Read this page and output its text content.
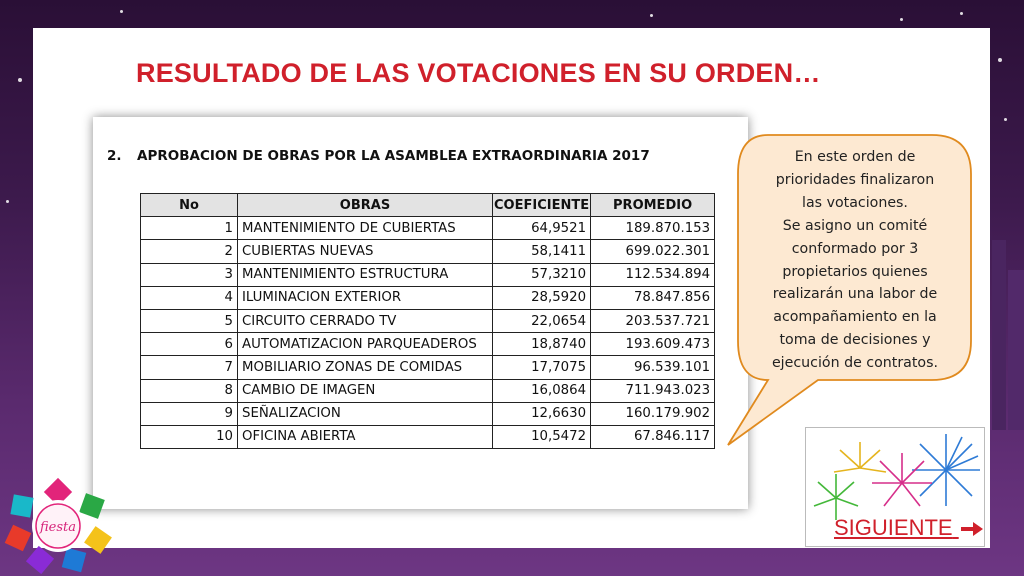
RESULTADO DE LAS VOTACIONES EN SU ORDEN…
2. APROBACION DE OBRAS POR LA ASAMBLEA EXTRAORDINARIA 2017
No	OBRAS	COEFICIENTE	PROMEDIO
1	MANTENIMIENTO DE CUBIERTAS	64,9521	189.870.153
2	CUBIERTAS NUEVAS	58,1411	699.022.301
3	MANTENIMIENTO ESTRUCTURA	57,3210	112.534.894
4	ILUMINACION EXTERIOR	28,5920	78.847.856
5	CIRCUITO CERRADO TV	22,0654	203.537.721
6	AUTOMATIZACION PARQUEADEROS	18,8740	193.609.473
7	MOBILIARIO ZONAS DE COMIDAS	17,7075	96.539.101
8	CAMBIO DE IMAGEN	16,0864	711.943.023
9	SEÑALIZACION	12,6630	160.179.902
10	OFICINA ABIERTA	10,5472	67.846.117
En este orden de
prioridades finalizaron
las votaciones.
Se asigno un comité
conformado por 3
propietarios quienes
realizarán una labor de
acompañamiento en la
toma de decisiones y
ejecución de contratos.
SIGUIENTE
fiesta
